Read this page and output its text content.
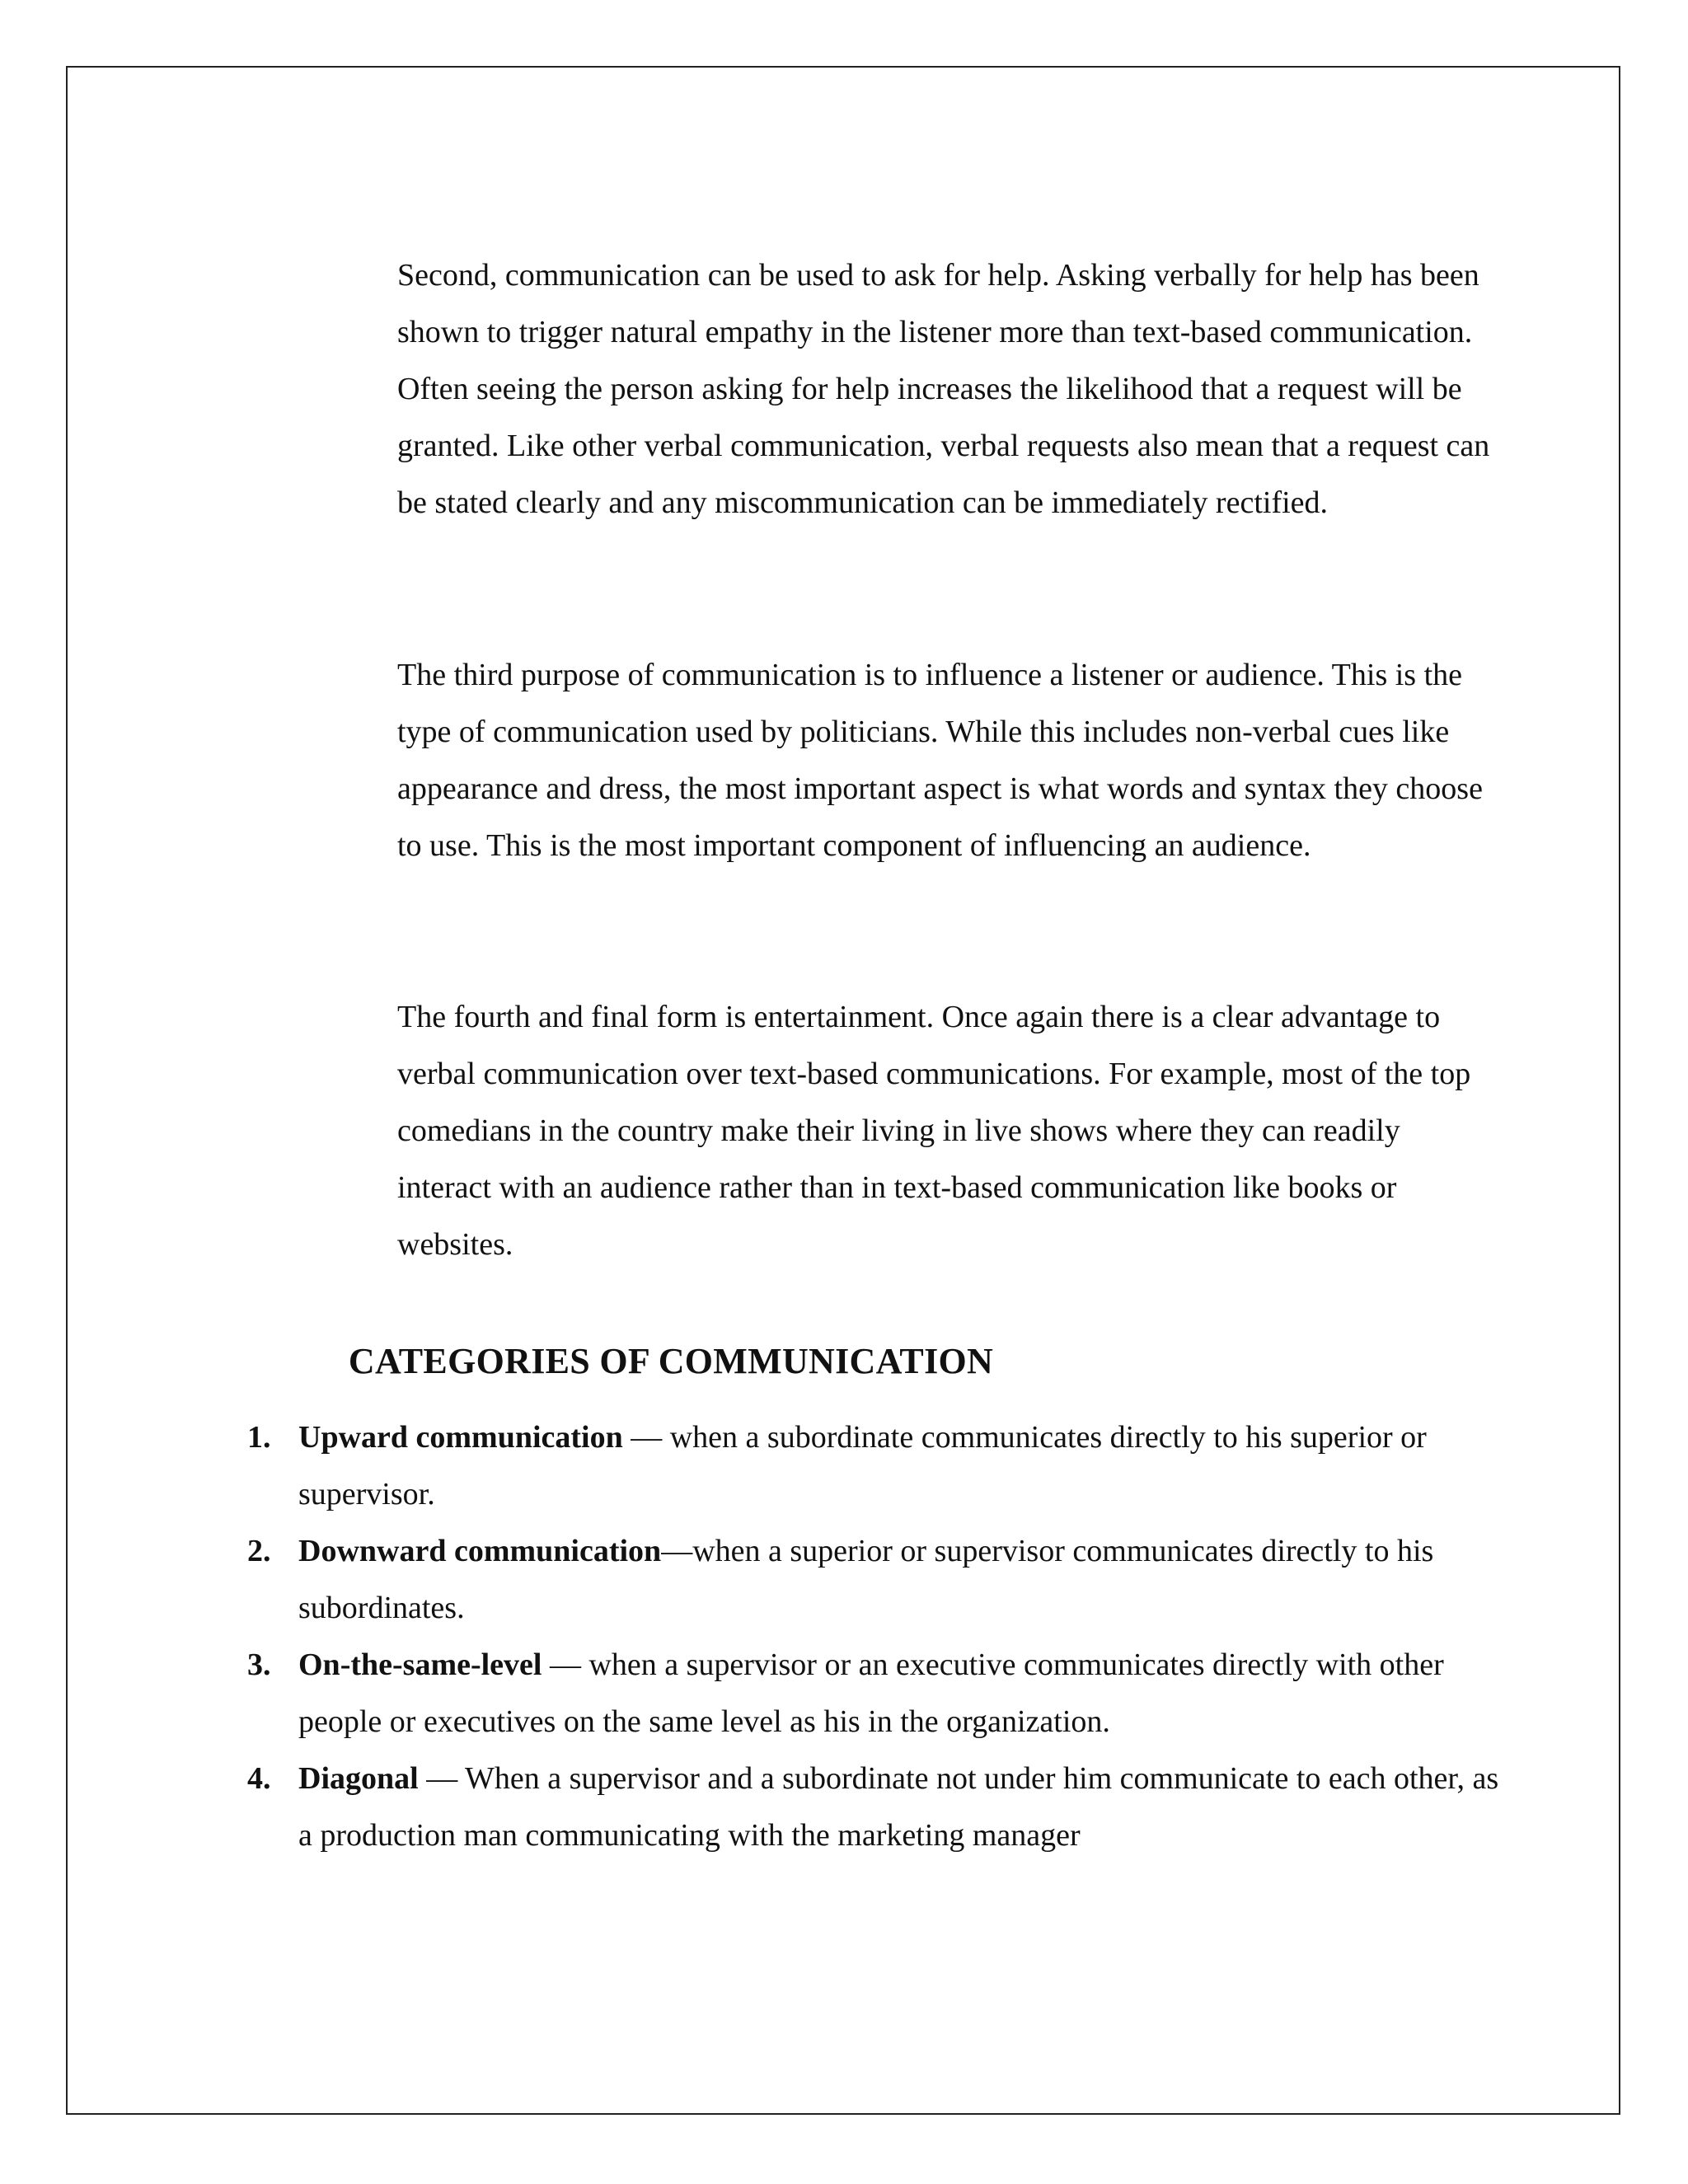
Second, communication can be used to ask for help. Asking verbally for help has been shown to trigger natural empathy in the listener more than text-based communication. Often seeing the person asking for help increases the likelihood that a request will be granted. Like other verbal communication, verbal requests also mean that a request can be stated clearly and any miscommunication can be immediately rectified.

The third purpose of communication is to influence a listener or audience. This is the type of communication used by politicians. While this includes non-verbal cues like appearance and dress, the most important aspect is what words and syntax they choose to use. This is the most important component of influencing an audience.

The fourth and final form is entertainment. Once again there is a clear advantage to verbal communication over text-based communications. For example, most of the top comedians in the country make their living in live shows where they can readily interact with an audience rather than in text-based communication like books or websites.

CATEGORIES OF COMMUNICATION
1. Upward communication — when a subordinate communicates directly to his superior or supervisor.
2. Downward communication—when a superior or supervisor communicates directly to his subordinates.
3. On-the-same-level — when a supervisor or an executive communicates directly with other people or executives on the same level as his in the organization.
4. Diagonal — When a supervisor and a subordinate not under him communicate to each other, as a production man communicating with the marketing manager
